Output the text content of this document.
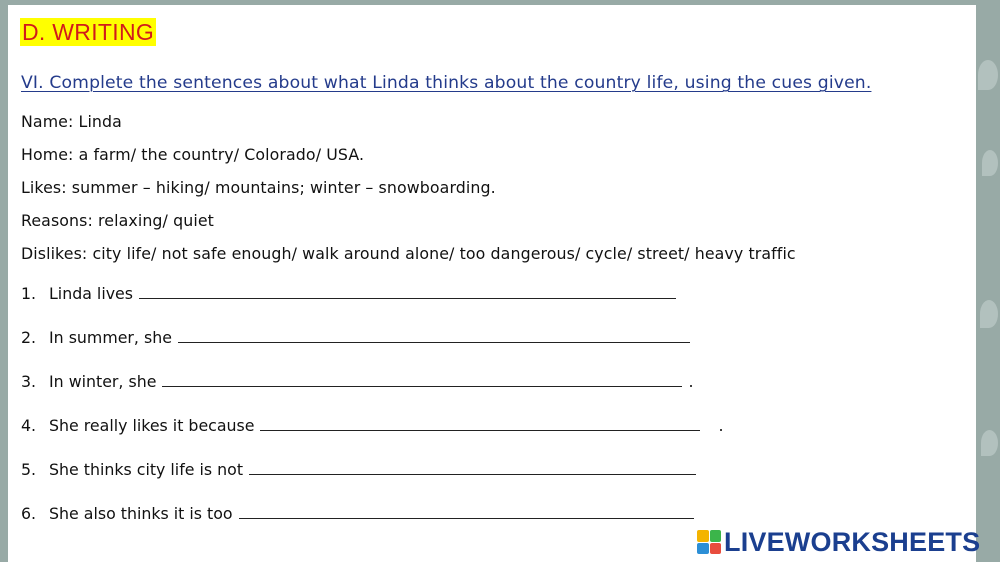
D. WRITING
VI. Complete the sentences about what Linda thinks about the country life, using the cues given.
Name: Linda
Home: a farm/ the country/ Colorado/ USA.
Likes: summer – hiking/ mountains; winter – snowboarding.
Reasons: relaxing/ quiet
Dislikes: city life/ not safe enough/ walk around alone/ too dangerous/ cycle/ street/ heavy traffic
1. Linda lives
2. In summer, she
3. In winter, she	.
4. She really likes it because	.
5. She thinks city life is not
6. She also thinks it is too
LIVEWORKSHEETS
